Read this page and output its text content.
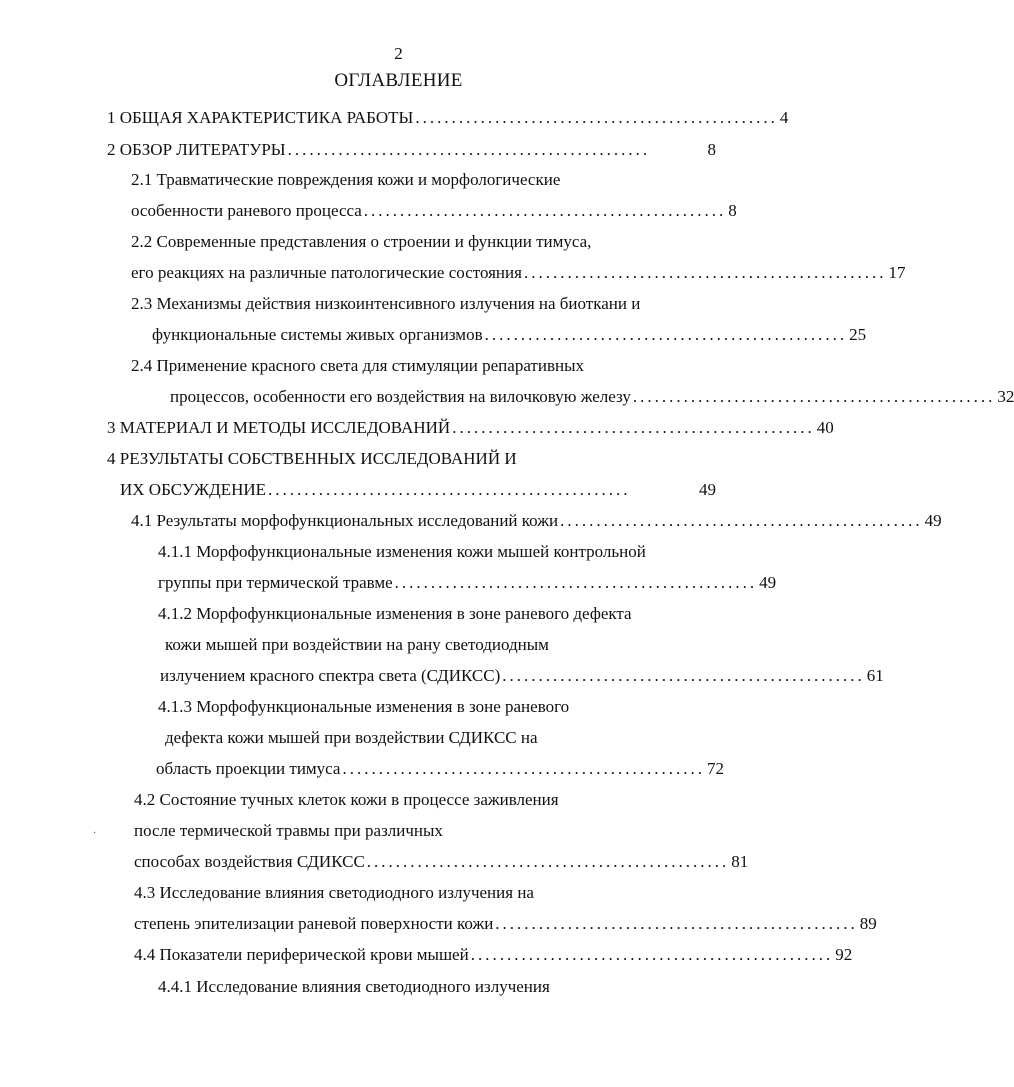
2
ОГЛАВЛЕНИЕ
·
1 ОБЩАЯ ХАРАКТЕРИСТИКА РАБОТЫ .................................................. 4
2 ОБЗОР ЛИТЕРАТУРЫ ..................................................	8
2.1 Травматические повреждения кожи и морфологические
особенности раневого процесса .................................................. 8
2.2 Современные представления о строении и функции тимуса,
его реакциях на различные патологические состояния .................................................. 17
2.3 Механизмы действия низкоинтенсивного излучения на биоткани и
функциональные системы живых организмов .................................................. 25
2.4 Применение красного света для стимуляции репаративных
процессов, особенности его воздействия на вилочковую железу .................................................. 32
3 МАТЕРИАЛ И МЕТОДЫ ИССЛЕДОВАНИЙ .................................................. 40
4 РЕЗУЛЬТАТЫ СОБСТВЕННЫХ ИССЛЕДОВАНИЙ И
ИХ ОБСУЖДЕНИЕ ..................................................	49
4.1 Результаты морфофункциональных исследований кожи .................................................. 49
4.1.1 Морфофункциональные изменения кожи мышей контрольной
группы при термической травме .................................................. 49
4.1.2 Морфофункциональные изменения в зоне раневого дефекта
кожи мышей при воздействии на рану светодиодным
излучением красного спектра света (СДИКСС) .................................................. 61
4.1.3 Морфофункциональные изменения в зоне раневого
дефекта кожи мышей при воздействии СДИКСС на
область проекции тимуса .................................................. 72
4.2 Состояние тучных клеток кожи в процессе заживления
после термической травмы при различных
способах воздействия СДИКСС .................................................. 81
4.3 Исследование влияния светодиодного излучения на
степень эпителизации раневой поверхности кожи .................................................. 89
4.4 Показатели периферической крови мышей .................................................. 92
4.4.1 Исследование влияния светодиодного излучения
